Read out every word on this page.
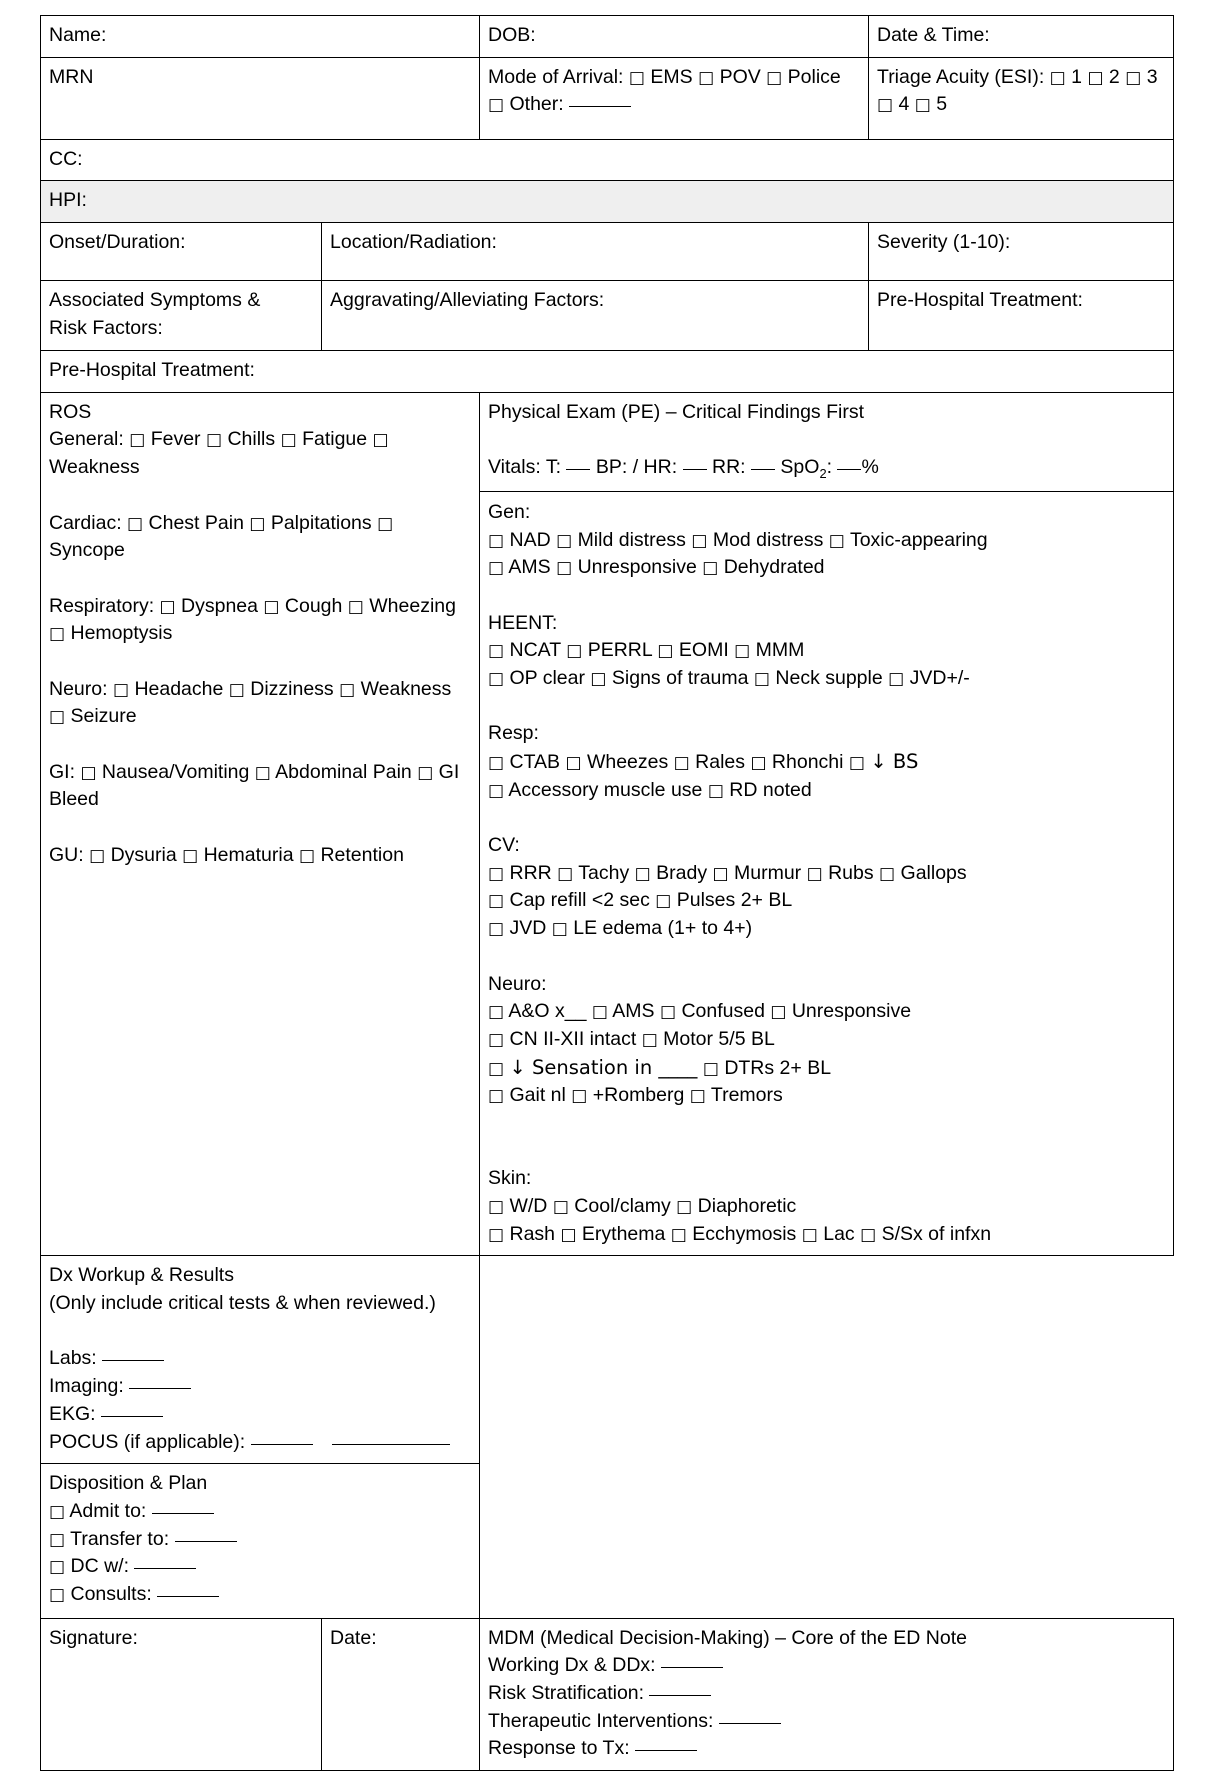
Name:		DOB:	Date & Time:

MRN		Mode of Arrival: □ EMS □ POV □ Police □ Other:	Triage Acuity (ESI): □ 1 □ 2 □ 3 □ 4 □ 5

CC:			

HPI:			

Onset/Duration:	Location/Radiation:		Severity (1-10):

Associated Symptoms &
Risk Factors:	Aggravating/Alleviating Factors:		Pre-Hospital Treatment:

Pre-Hospital Treatment:			

ROS
General: □ Fever □ Chills □ Fatigue □ Weakness
Cardiac: □ Chest Pain □ Palpitations □ Syncope
Respiratory: □ Dyspnea □ Cough □ Wheezing □ Hemoptysis
Neuro: □ Headache □ Dizziness □ Weakness □ Seizure
GI: □ Nausea/Vomiting □ Abdominal Pain □ GI Bleed
GU: □ Dysuria □ Hematuria □ Retention

Physical Exam (PE) – Critical Findings First
Vitals: T: BP: / HR: RR: SpO$_2$: %

Gen:
□ NAD □ Mild distress □ Mod distress □ Toxic-appearing
□ AMS □ Unresponsive □ Dehydrated
HEENT:
□ NCAT □ PERRL □ EOMI □ MMM
□ OP clear □ Signs of trauma □ Neck supple □ JVD+/-
Resp:
□ CTAB □ Wheezes □ Rales □ Rhonchi □ ↓ BS
□ Accessory muscle use □ RD noted
CV:
□ RRR □ Tachy □ Brady □ Murmur □ Rubs □ Gallops
□ Cap refill <2 sec □ Pulses 2+ BL
□ JVD □ LE edema (1+ to 4+)
Neuro:
□ A&O x__ □ AMS □ Confused □ Unresponsive
□ CN II-XII intact □ Motor 5/5 BL
□ ↓ Sensation in ____ □ DTRs 2+ BL
□ Gait nl □ +Romberg □ Tremors
Skin:
□ W/D □ Cool/clamy □ Diaphoretic
□ Rash □ Erythema □ Ecchymosis □ Lac □ S/Sx of infxn

Dx Workup & Results
(Only include critical tests & when reviewed.)
Labs:
Imaging:
EKG:
POCUS (if applicable):

Disposition & Plan
□ Admit to:
□ Transfer to:
□ DC w/:
□ Consults:			

Signature:	Date:	MDM (Medical Decision-Making) – Core of the ED Note
Working Dx & DDx:
Risk Stratification:
Therapeutic Interventions:
Response to Tx:	
